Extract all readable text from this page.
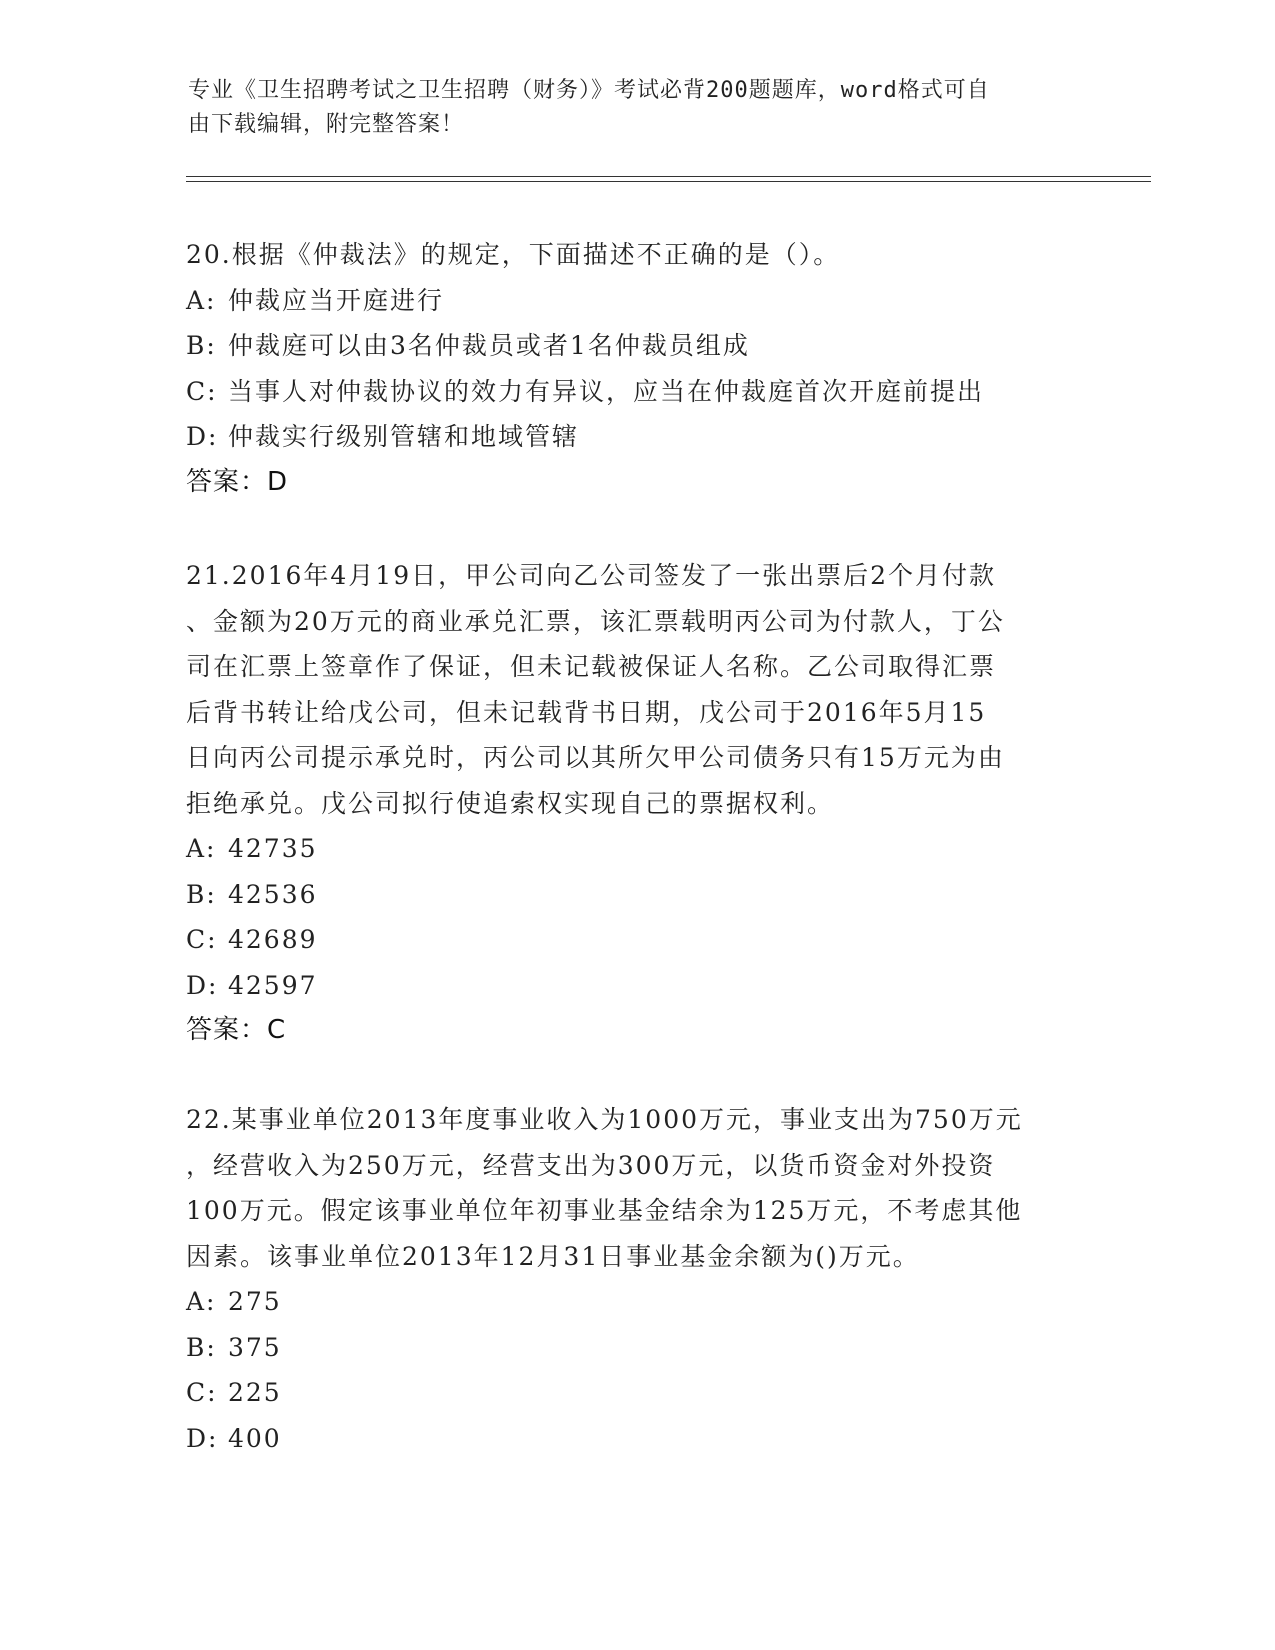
专业《卫生招聘考试之卫生招聘（财务）》考试必背200题题库，word格式可自
由下载编辑，附完整答案！

20.根据《仲裁法》的规定，下面描述不正确的是（）。

A: 仲裁应当开庭进行

B: 仲裁庭可以由3名仲裁员或者1名仲裁员组成

C: 当事人对仲裁协议的效力有异议，应当在仲裁庭首次开庭前提出

D: 仲裁实行级别管辖和地域管辖

答案：D

21.2016年4月19日，甲公司向乙公司签发了一张出票后2个月付款

、金额为20万元的商业承兑汇票，该汇票载明丙公司为付款人，丁公

司在汇票上签章作了保证，但未记载被保证人名称。乙公司取得汇票

后背书转让给戊公司，但未记载背书日期，戊公司于2016年5月15

日向丙公司提示承兑时，丙公司以其所欠甲公司债务只有15万元为由

拒绝承兑。戊公司拟行使追索权实现自己的票据权利。

A: 42735

B: 42536

C: 42689

D: 42597

答案：C

22.某事业单位2013年度事业收入为1000万元，事业支出为750万元

，经营收入为250万元，经营支出为300万元，以货币资金对外投资

100万元。假定该事业单位年初事业基金结余为125万元，不考虑其他

因素。该事业单位2013年12月31日事业基金余额为()万元。

A: 275

B: 375

C: 225

D: 400
